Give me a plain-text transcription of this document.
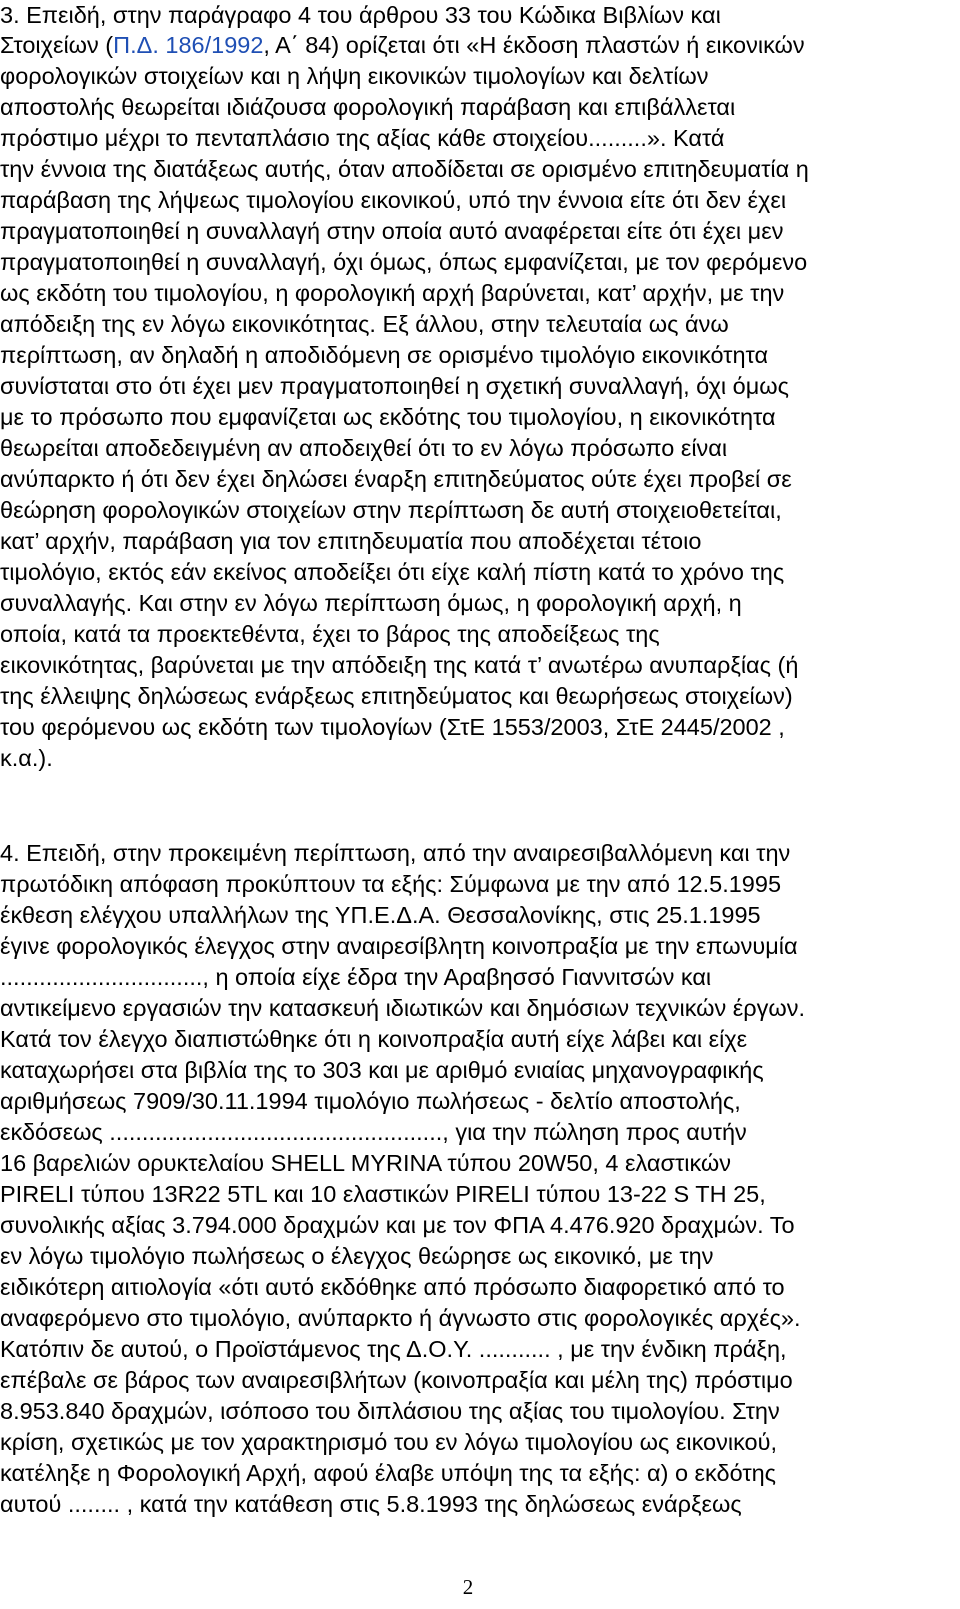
3. Επειδή, στην παράγραφο 4 του άρθρου 33 του Κώδικα Βιβλίων και

Στοιχείων (Π.Δ. 186/1992, Α΄ 84) ορίζεται ότι «Η έκδοση πλαστών ή εικονικών

φορολογικών στοιχείων και η λήψη εικονικών τιμολογίων και δελτίων

αποστολής θεωρείται ιδιάζουσα φορολογική παράβαση και επιβάλλεται

πρόστιμο μέχρι το πενταπλάσιο της αξίας κάθε στοιχείου.........». Κατά

την έννοια της διατάξεως αυτής, όταν αποδίδεται σε ορισμένο επιτηδευματία η

παράβαση της λήψεως τιμολογίου εικονικού, υπό την έννοια είτε ότι δεν έχει

πραγματοποιηθεί η συναλλαγή στην οποία αυτό αναφέρεται είτε ότι έχει μεν

πραγματοποιηθεί η συναλλαγή, όχι όμως, όπως εμφανίζεται, με τον φερόμενο

ως εκδότη του τιμολογίου, η φορολογική αρχή βαρύνεται, κατ’ αρχήν, με την

απόδειξη της εν λόγω εικονικότητας. Εξ άλλου, στην τελευταία ως άνω

περίπτωση, αν δηλαδή η αποδιδόμενη σε ορισμένο τιμολόγιο εικονικότητα

συνίσταται στο ότι έχει μεν πραγματοποιηθεί η σχετική συναλλαγή, όχι όμως

με το πρόσωπο που εμφανίζεται ως εκδότης του τιμολογίου, η εικονικότητα

θεωρείται αποδεδειγμένη αν αποδειχθεί ότι το εν λόγω πρόσωπο είναι

ανύπαρκτο ή ότι δεν έχει δηλώσει έναρξη επιτηδεύματος ούτε έχει προβεί σε

θεώρηση φορολογικών στοιχείων στην περίπτωση δε αυτή στοιχειοθετείται,

κατ’ αρχήν, παράβαση για τον επιτηδευματία που αποδέχεται τέτοιο

τιμολόγιο, εκτός εάν εκείνος αποδείξει ότι είχε καλή πίστη κατά το χρόνο της

συναλλαγής. Και στην εν λόγω περίπτωση όμως, η φορολογική αρχή, η

οποία, κατά τα προεκτεθέντα, έχει το βάρος της αποδείξεως της

εικονικότητας, βαρύνεται με την απόδειξη της κατά τ’ ανωτέρω ανυπαρξίας (ή

της έλλειψης δηλώσεως ενάρξεως επιτηδεύματος και θεωρήσεως στοιχείων)

του φερόμενου ως εκδότη των τιμολογίων (ΣτΕ 1553/2003, ΣτΕ 2445/2002 ,

κ.α.).

4. Επειδή, στην προκειμένη περίπτωση, από την αναιρεσιβαλλόμενη και την

πρωτόδικη απόφαση προκύπτουν τα εξής: Σύμφωνα με την από 12.5.1995

έκθεση ελέγχου υπαλλήλων της ΥΠ.Ε.Δ.Α. Θεσσαλονίκης, στις 25.1.1995

έγινε φορολογικός έλεγχος στην αναιρεσίβλητη κοινοπραξία με την επωνυμία

..............................., η οποία είχε έδρα την Αραβησσό Γιαννιτσών και

αντικείμενο εργασιών την κατασκευή ιδιωτικών και δημόσιων τεχνικών έργων.

Κατά τον έλεγχο διαπιστώθηκε ότι η κοινοπραξία αυτή είχε λάβει και είχε

καταχωρήσει στα βιβλία της το 303 και με αριθμό ενιαίας μηχανογραφικής

αριθμήσεως 7909/30.11.1994 τιμολόγιο πωλήσεως - δελτίο αποστολής,

εκδόσεως ..................................................., για την πώληση προς αυτήν

16 βαρελιών ορυκτελαίου SHELL MYRINA τύπου 20W50, 4 ελαστικών

PIRELI τύπου 13R22 5TL και 10 ελαστικών PIRELI τύπου 13-22 S TH 25,

συνολικής αξίας 3.794.000 δραχμών και με τον ΦΠΑ 4.476.920 δραχμών. Το

εν λόγω τιμολόγιο πωλήσεως ο έλεγχος θεώρησε ως εικονικό, με την

ειδικότερη αιτιολογία «ότι αυτό εκδόθηκε από πρόσωπο διαφορετικό από το

αναφερόμενο στο τιμολόγιο, ανύπαρκτο ή άγνωστο στις φορολογικές αρχές».

Κατόπιν δε αυτού, ο Προϊστάμενος της Δ.Ο.Υ. ........... , με την ένδικη πράξη,

επέβαλε σε βάρος των αναιρεσιβλήτων (κοινοπραξία και μέλη της) πρόστιμο

8.953.840 δραχμών, ισόποσο του διπλάσιου της αξίας του τιμολογίου. Στην

κρίση, σχετικώς με τον χαρακτηρισμό του εν λόγω τιμολογίου ως εικονικού,

κατέληξε η Φορολογική Αρχή, αφού έλαβε υπόψη της τα εξής: α) ο εκδότης

αυτού ........ , κατά την κατάθεση στις 5.8.1993 της δηλώσεως ενάρξεως

2
